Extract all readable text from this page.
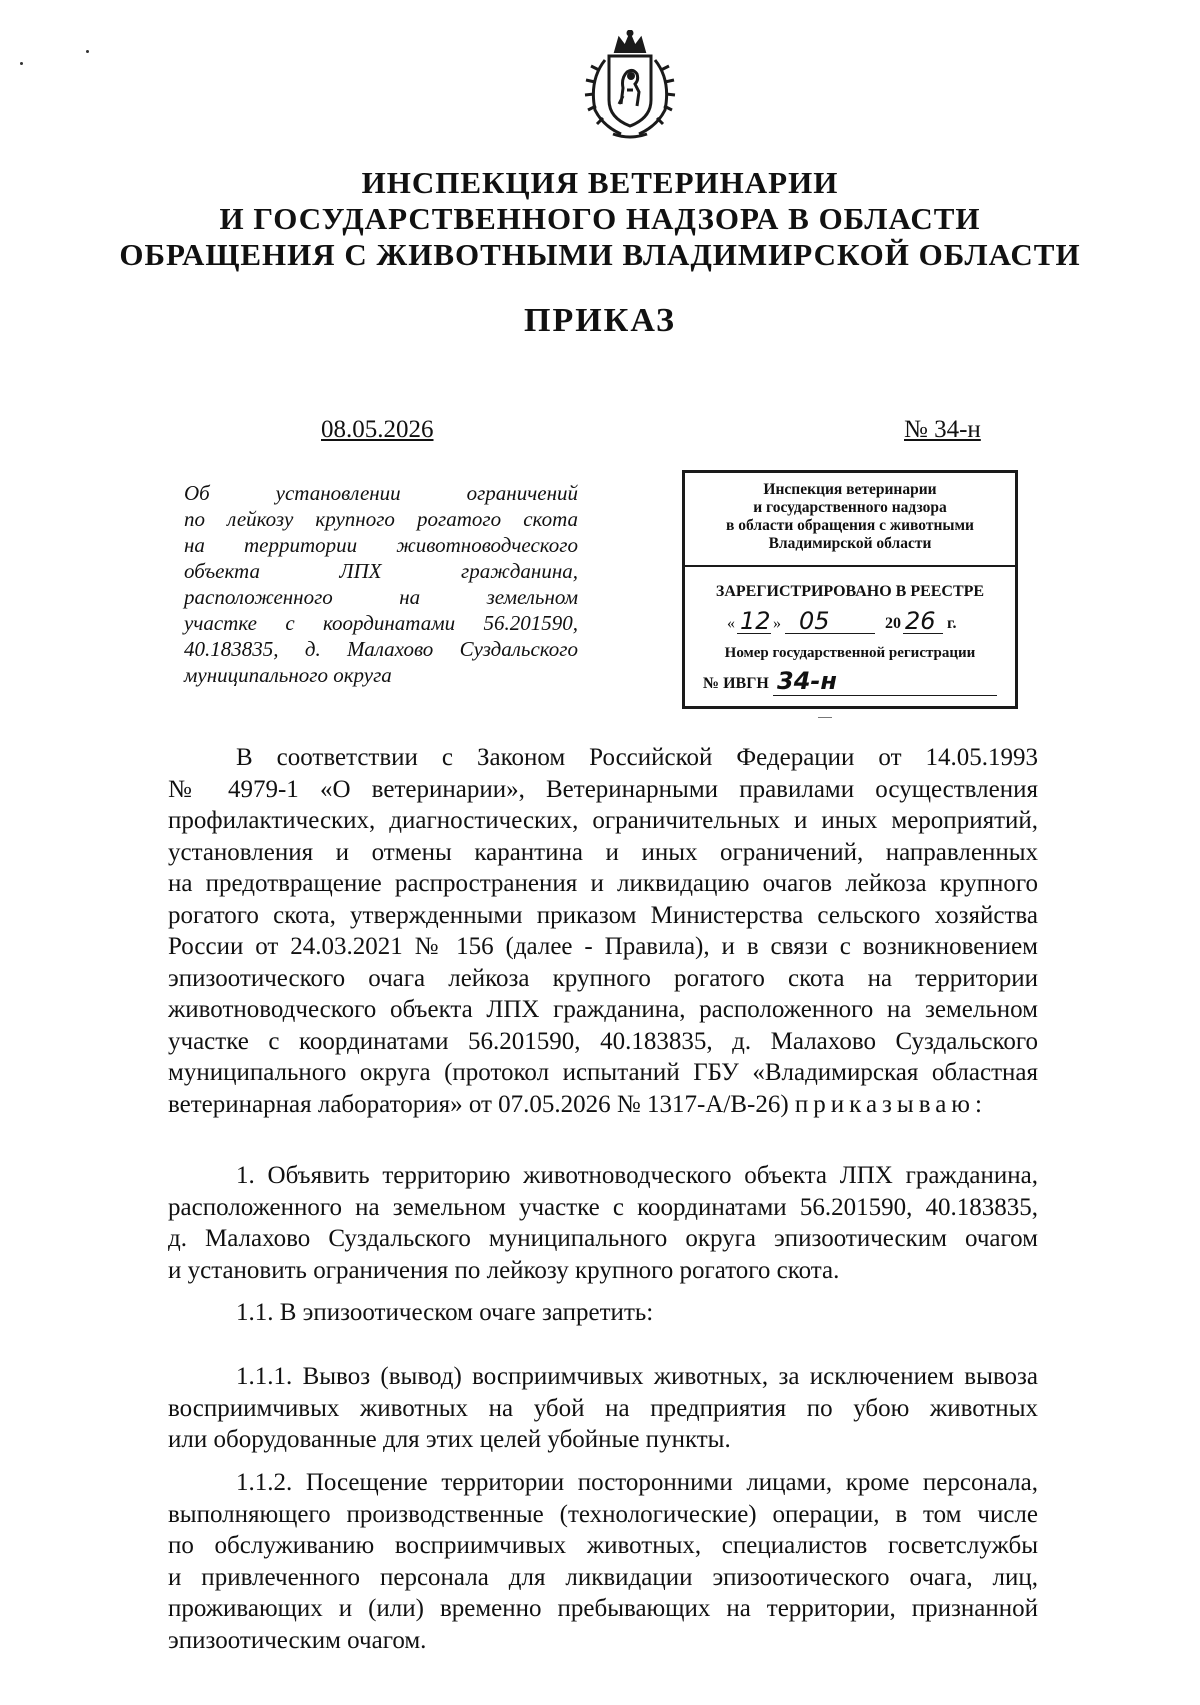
ИНСПЕКЦИЯ ВЕТЕРИНАРИИ
И ГОСУДАРСТВЕННОГО НАДЗОРА В ОБЛАСТИ
ОБРАЩЕНИЯ С ЖИВОТНЫМИ ВЛАДИМИРСКОЙ ОБЛАСТИ
ПРИКАЗ
08.05.2026	№ 34-н

Об установлении ограничений
по лейкозу крупного рогатого скота
на территории животноводческого
объекта ЛПХ гражданина,
расположенного на земельном
участке с координатами 56.201590,
40.183835, д. Малахово Суздальского
муниципального округа

Инспекция ветеринарии
и государственного надзора
в области обращения с животными
Владимирской области
ЗАРЕГИСТРИРОВАНО В РЕЕСТРЕ
« 12 » 05	20 26 г.
Номер государственной регистрации
№ ИВГН 34-н

В соответствии с Законом Российской Федерации от 14.05.1993
№ 4979-1 «О ветеринарии», Ветеринарными правилами осуществления
профилактических, диагностических, ограничительных и иных мероприятий,
установления и отмены карантина и иных ограничений, направленных
на предотвращение распространения и ликвидацию очагов лейкоза крупного
рогатого скота, утвержденными приказом Министерства сельского хозяйства
России от 24.03.2021 № 156 (далее - Правила), и в связи с возникновением
эпизоотического очага лейкоза крупного рогатого скота на территории
животноводческого объекта ЛПХ гражданина, расположенного на земельном
участке с координатами 56.201590, 40.183835, д. Малахово Суздальского
муниципального округа (протокол испытаний ГБУ «Владимирская областная
ветеринарная лаборатория» от 07.05.2026 № 1317-А/В-26) приказываю:

1. Объявить территорию животноводческого объекта ЛПХ гражданина,
расположенного на земельном участке с координатами 56.201590, 40.183835,
д. Малахово Суздальского муниципального округа эпизоотическим очагом
и установить ограничения по лейкозу крупного рогатого скота.

1.1. В эпизоотическом очаге запретить:

1.1.1. Вывоз (вывод) восприимчивых животных, за исключением вывоза
восприимчивых животных на убой на предприятия по убою животных
или оборудованные для этих целей убойные пункты.

1.1.2. Посещение территории посторонними лицами, кроме персонала,
выполняющего производственные (технологические) операции, в том числе
по обслуживанию восприимчивых животных, специалистов госветслужбы
и привлеченного персонала для ликвидации эпизоотического очага, лиц,
проживающих и (или) временно пребывающих на территории, признанной
эпизоотическим очагом.
